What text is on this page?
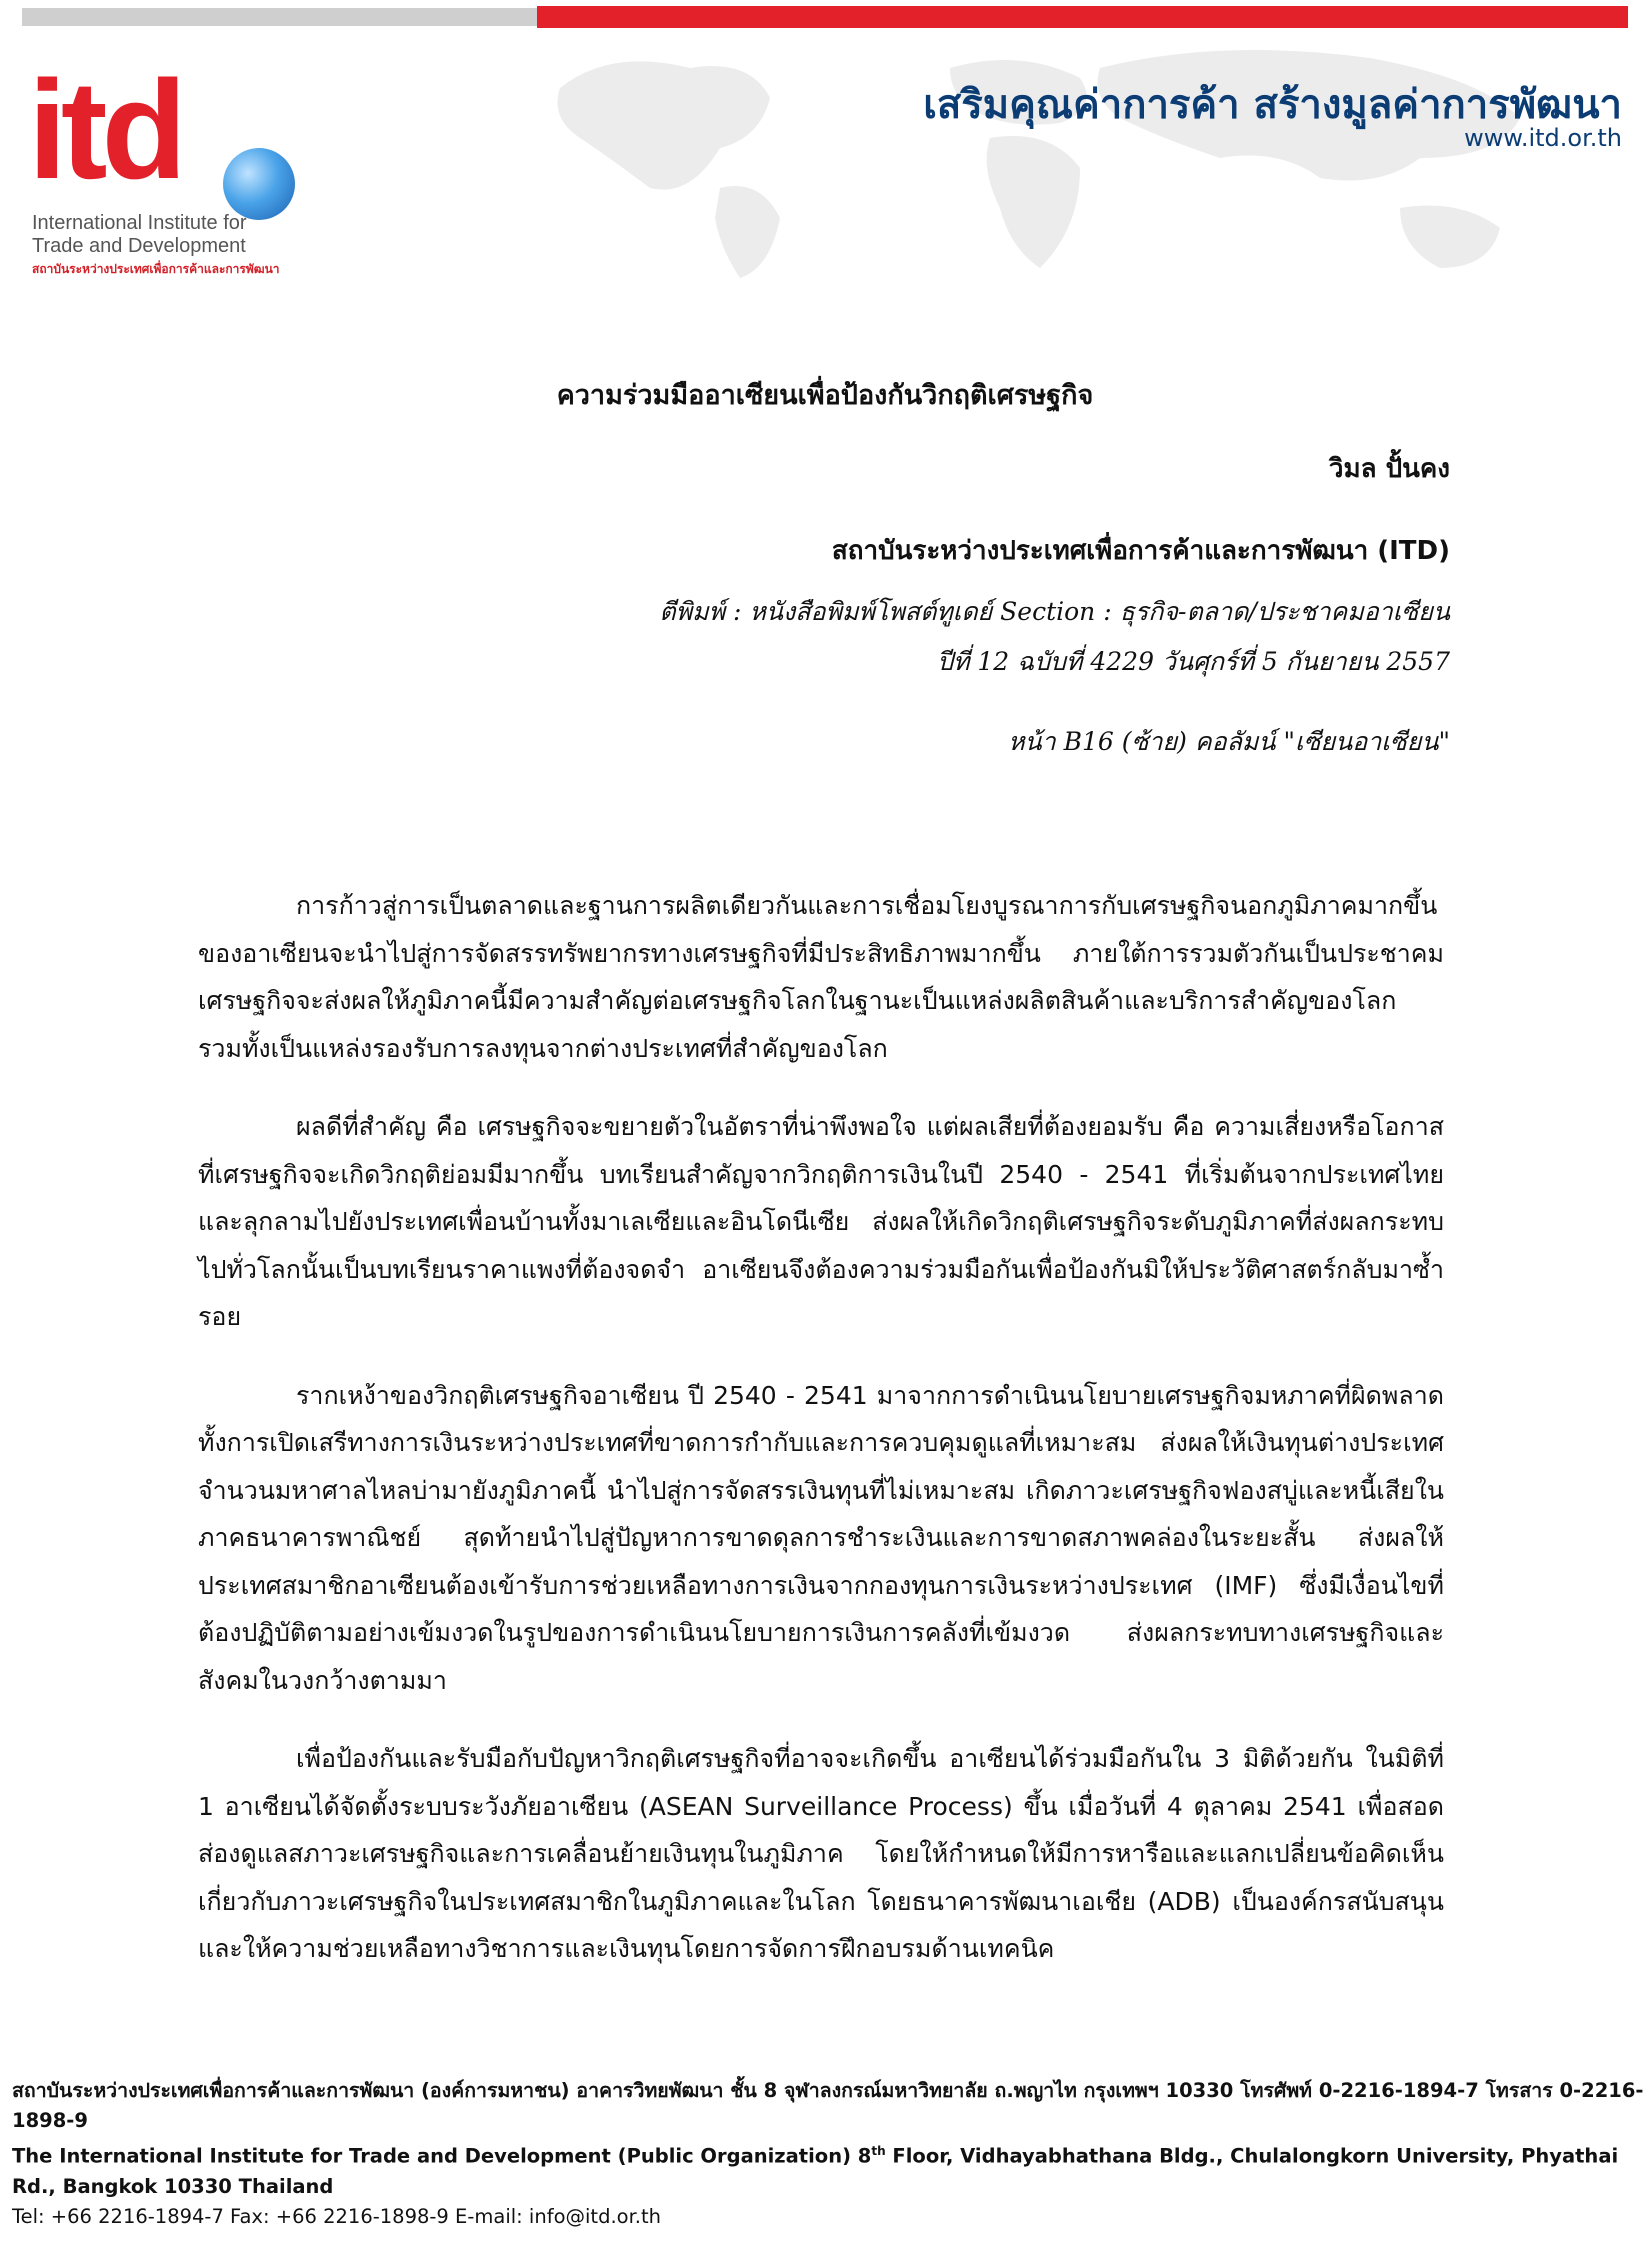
itd
International Institute for
Trade and Development
สถาบันระหว่างประเทศเพื่อการค้าและการพัฒนา
เสริมคุณค่าการค้า สร้างมูลค่าการพัฒนา
www.itd.or.th
ความร่วมมืออาเซียนเพื่อป้องกันวิกฤติเศรษฐกิจ
วิมล ปั้นคง
สถาบันระหว่างประเทศเพื่อการค้าและการพัฒนา (ITD)
ตีพิมพ์ : หนังสือพิมพ์โพสต์ทูเดย์ Section : ธุรกิจ-ตลาด/ประชาคมอาเซียน
ปีที่ 12 ฉบับที่ 4229 วันศุกร์ที่ 5 กันยายน 2557
หน้า B16 (ซ้าย) คอลัมน์ "เซียนอาเซียน"

การก้าวสู่การเป็นตลาดและฐานการผลิตเดียวกันและการเชื่อมโยงบูรณาการกับเศรษฐกิจนอกภูมิภาคมากขึ้นของอาเซียนจะนำไปสู่การจัดสรรทรัพยากรทางเศรษฐกิจที่มีประสิทธิภาพมากขึ้น ภายใต้การรวมตัวกันเป็นประชาคมเศรษฐกิจจะส่งผลให้ภูมิภาคนี้มีความสำคัญต่อเศรษฐกิจโลกในฐานะเป็นแหล่งผลิตสินค้าและบริการสำคัญของโลก รวมทั้งเป็นแหล่งรองรับการลงทุนจากต่างประเทศที่สำคัญของโลก

ผลดีที่สำคัญ คือ เศรษฐกิจจะขยายตัวในอัตราที่น่าพึงพอใจ แต่ผลเสียที่ต้องยอมรับ คือ ความเสี่ยงหรือโอกาสที่เศรษฐกิจจะเกิดวิกฤติย่อมมีมากขึ้น บทเรียนสำคัญจากวิกฤติการเงินในปี 2540 - 2541 ที่เริ่มต้นจากประเทศไทยและลุกลามไปยังประเทศเพื่อนบ้านทั้งมาเลเซียและอินโดนีเซีย ส่งผลให้เกิดวิกฤติเศรษฐกิจระดับภูมิภาคที่ส่งผลกระทบไปทั่วโลกนั้นเป็นบทเรียนราคาแพงที่ต้องจดจำ อาเซียนจึงต้องความร่วมมือกันเพื่อป้องกันมิให้ประวัติศาสตร์กลับมาซ้ำรอย

รากเหง้าของวิกฤติเศรษฐกิจอาเซียน ปี 2540 - 2541 มาจากการดำเนินนโยบายเศรษฐกิจมหภาคที่ผิดพลาด ทั้งการเปิดเสรีทางการเงินระหว่างประเทศที่ขาดการกำกับและการควบคุมดูแลที่เหมาะสม ส่งผลให้เงินทุนต่างประเทศจำนวนมหาศาลไหลบ่ามายังภูมิภาคนี้ นำไปสู่การจัดสรรเงินทุนที่ไม่เหมาะสม เกิดภาวะเศรษฐกิจฟองสบู่และหนี้เสียในภาคธนาคารพาณิชย์ สุดท้ายนำไปสู่ปัญหาการขาดดุลการชำระเงินและการขาดสภาพคล่องในระยะสั้น ส่งผลให้ประเทศสมาชิกอาเซียนต้องเข้ารับการช่วยเหลือทางการเงินจากกองทุนการเงินระหว่างประเทศ (IMF) ซึ่งมีเงื่อนไขที่ต้องปฏิบัติตามอย่างเข้มงวดในรูปของการดำเนินนโยบายการเงินการคลังที่เข้มงวด ส่งผลกระทบทางเศรษฐกิจและสังคมในวงกว้างตามมา

เพื่อป้องกันและรับมือกับปัญหาวิกฤติเศรษฐกิจที่อาจจะเกิดขึ้น อาเซียนได้ร่วมมือกันใน 3 มิติด้วยกัน ในมิติที่ 1 อาเซียนได้จัดตั้งระบบระวังภัยอาเซียน (ASEAN Surveillance Process) ขึ้น เมื่อวันที่ 4 ตุลาคม 2541 เพื่อสอดส่องดูแลสภาวะเศรษฐกิจและการเคลื่อนย้ายเงินทุนในภูมิภาค โดยให้กำหนดให้มีการหารือและแลกเปลี่ยนข้อคิดเห็นเกี่ยวกับภาวะเศรษฐกิจในประเทศสมาชิกในภูมิภาคและในโลก โดยธนาคารพัฒนาเอเชีย (ADB) เป็นองค์กรสนับสนุนและให้ความช่วยเหลือทางวิชาการและเงินทุนโดยการจัดการฝึกอบรมด้านเทคนิค

สถาบันระหว่างประเทศเพื่อการค้าและการพัฒนา (องค์การมหาชน) อาคารวิทยพัฒนา ชั้น 8 จุฬาลงกรณ์มหาวิทยาลัย ถ.พญาไท กรุงเทพฯ 10330 โทรศัพท์ 0-2216-1894-7 โทรสาร 0-2216-1898-9
The International Institute for Trade and Development (Public Organization) 8th Floor, Vidhayabhathana Bldg., Chulalongkorn University, Phyathai Rd., Bangkok 10330 Thailand
Tel: +66 2216-1894-7 Fax: +66 2216-1898-9 E-mail: info@itd.or.th
